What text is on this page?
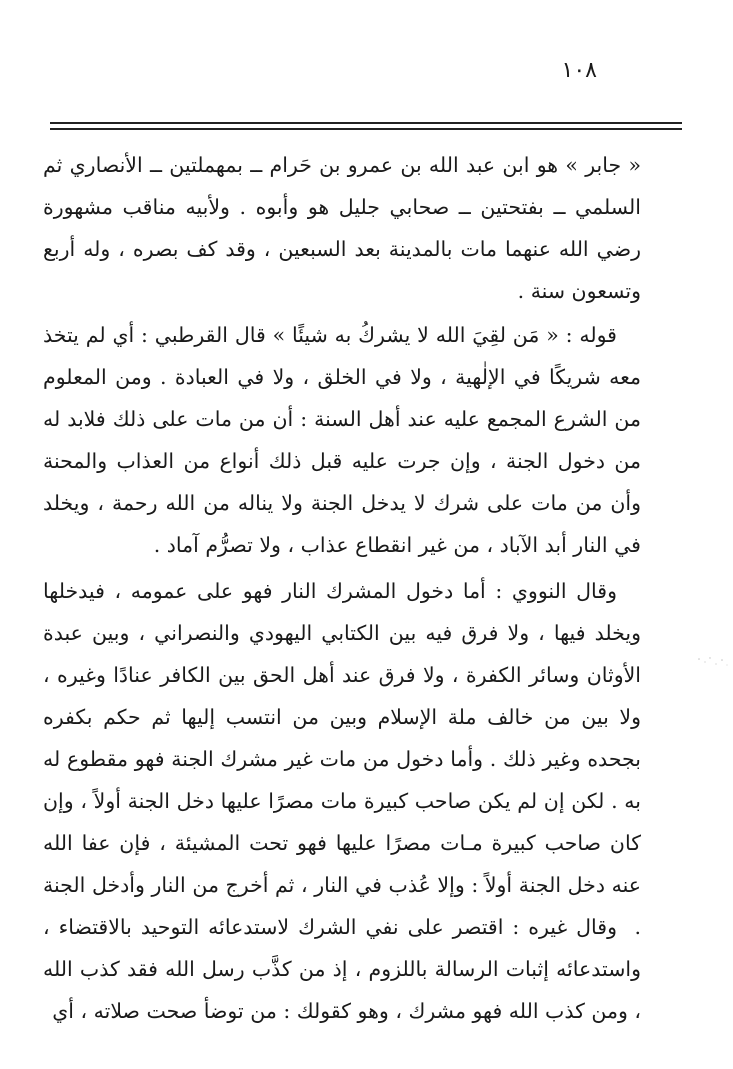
١٠٨

« جابر » هو ابن عبد الله بن عمرو بن حَرام ــ بمهملتين ــ الأنصاري ثم السلمي ــ بفتحتين ــ صحابي جليل هو وأبوه . ولأبيه مناقب مشهورة رضي الله عنهما مات بالمدينة بعد السبعين ، وقد كف بصره ، وله أربع وتسعون سنة .

قوله : « مَن لقِيَ الله لا يشركُ به شيئًا » قال القرطبي : أي لم يتخذ معه شريكًا في الإلٰهية ، ولا في الخلق ، ولا في العبادة . ومن المعلوم من الشرع المجمع عليه عند أهل السنة : أن من مات على ذلك فلابد له من دخول الجنة ، وإن جرت عليه قبل ذلك أنواع من العذاب والمحنة وأن من مات على شرك لا يدخل الجنة ولا يناله من الله رحمة ، ويخلد في النار أبد الآباد ، من غير انقطاع عذاب ، ولا تصرُّم آماد .

وقال النووي : أما دخول المشرك النار فهو على عمومه ، فيدخلها ويخلد فيها ، ولا فرق فيه بين الكتابي اليهودي والنصراني ، وبين عبدة الأوثان وسائر الكفرة ، ولا فرق عند أهل الحق بين الكافر عنادًا وغيره ، ولا بين من خالف ملة الإسلام وبين من انتسب إليها ثم حكم بكفره بجحده وغير ذلك . وأما دخول من مات غير مشرك الجنة فهو مقطوع له به . لكن إن لم يكن صاحب كبيرة مات مصرًا عليها دخل الجنة أولاً ، وإن كان صاحب كبيرة مـات مصرًا عليها فهو تحت المشيئة ، فإن عفا الله عنه دخل الجنة أولاً : وإلا عُذب في النار ، ثم أخرج من النار وأدخل الجنة .

وقال غيره : اقتصر على نفي الشرك لاستدعائه التوحيد بالاقتضاء ، واستدعائه إثبات الرسالة باللزوم ، إذ من كذَّب رسل الله فقد كذب الله ، ومن كذب الله فهو مشرك ، وهو كقولك : من توضأ صحت صلاته ، أي
